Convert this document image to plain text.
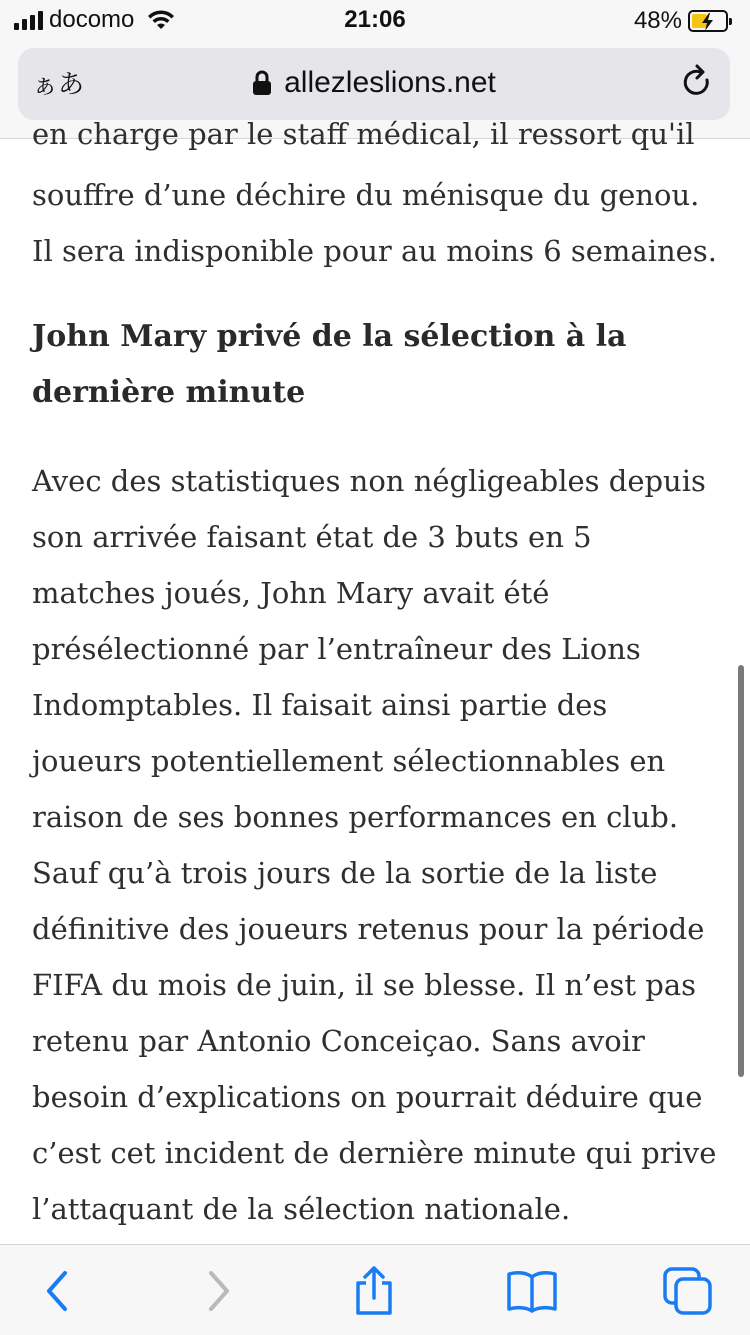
docomo	21:06	48%
ぁあ	allezleslions.net
en charge par le staff médical, il ressort qu'il

souffre d’une déchire du ménisque du genou. Il sera indisponible pour au moins 6 semaines.

John Mary privé de la sélection à la dernière minute

Avec des statistiques non négligeables depuis son arrivée faisant état de 3 buts en 5 matches joués, John Mary avait été présélectionné par l’entraîneur des Lions Indomptables. Il faisait ainsi partie des joueurs potentiellement sélectionnables en raison de ses bonnes performances en club. Sauf qu’à trois jours de la sortie de la liste définitive des joueurs retenus pour la période FIFA du mois de juin, il se blesse. Il n’est pas retenu par Antonio Conceiçao. Sans avoir besoin d’explications on pourrait déduire que c’est cet incident de dernière minute qui prive l’attaquant de la sélection nationale.
